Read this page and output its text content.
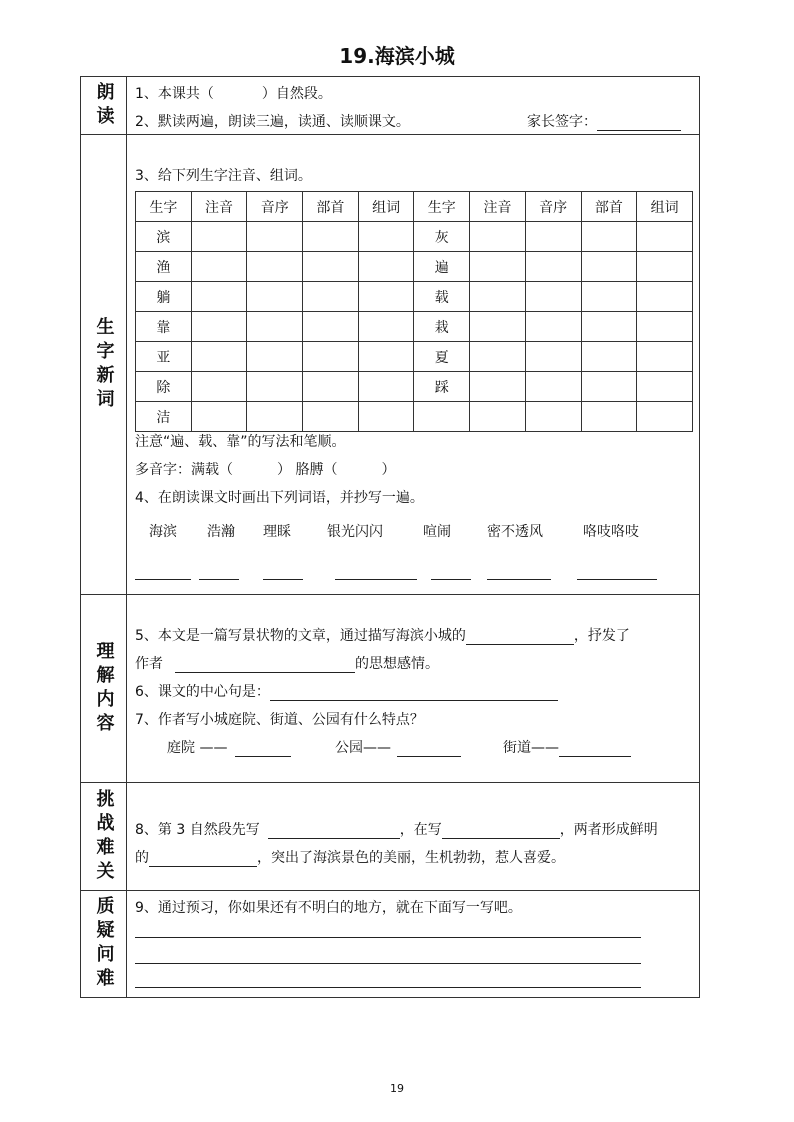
19.海滨小城
朗读 1、本课共（	）自然段。
2、默读两遍，朗读三遍，读通、读顺课文。	家长签字：
生字新词
3、给下列生字注音、组词。
生字	注音	音序	部首	组词	生字	注音	音序	部首	组词
滨					灰				
渔					遍				
躺					载				
靠					栽				
亚					夏				
除					踩				
洁									
注意“遍、载、靠”的写法和笔顺。
多音字：满载（	） 胳膊（	）
4、在朗读课文时画出下列词语，并抄写一遍。
海滨 浩瀚 理睬	银光闪闪	喧闹	密不透风	咯吱咯吱
理解内容
5、本文是一篇写景状物的文章，通过描写海滨小城的	，抒发了
作者	的思想感情。
6、课文的中心句是：
7、作者写小城庭院、街道、公园有什么特点？
庭院 ——	公园——	街道——
挑战难关 8、第 3 自然段先写	，在写	，两者形成鲜明
的	，突出了海滨景色的美丽，生机勃勃，惹人喜爱。
质疑问难 9、通过预习，你如果还有不明白的地方，就在下面写一写吧。
19
